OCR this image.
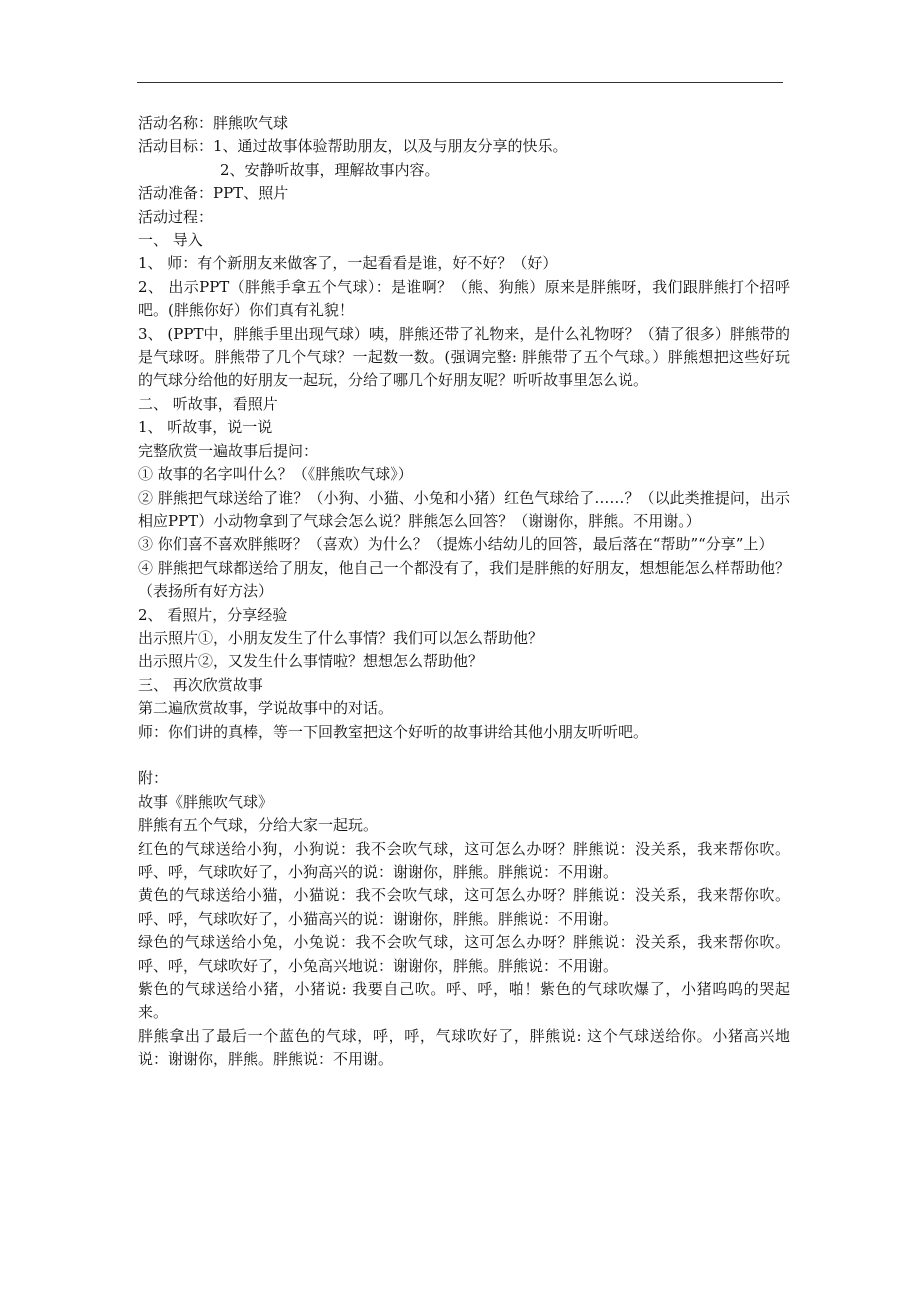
活动名称：胖熊吹气球
活动目标：1、通过故事体验帮助朋友，以及与朋友分享的快乐。
2、安静听故事，理解故事内容。
活动准备：PPT、照片
活动过程：
一、 导入
1、 师：有个新朋友来做客了，一起看看是谁，好不好？（好）
2、 出示PPT（胖熊手拿五个气球）：是谁啊？（熊、狗熊）原来是胖熊呀，我们跟胖熊打个招呼吧。(胖熊你好）你们真有礼貌！
3、 (PPT中，胖熊手里出现气球）咦，胖熊还带了礼物来，是什么礼物呀？（猜了很多）胖熊带的是气球呀。胖熊带了几个气球？一起数一数。(强调完整: 胖熊带了五个气球。）胖熊想把这些好玩的气球分给他的好朋友一起玩，分给了哪几个好朋友呢？听听故事里怎么说。
二、 听故事，看照片
1、 听故事，说一说
完整欣赏一遍故事后提问：
① 故事的名字叫什么？（《胖熊吹气球》）
② 胖熊把气球送给了谁？（小狗、小猫、小兔和小猪）红色气球给了……？（以此类推提问，出示相应PPT）小动物拿到了气球会怎么说？胖熊怎么回答？（谢谢你，胖熊。不用谢。）
③ 你们喜不喜欢胖熊呀？（喜欢）为什么？（提炼小结幼儿的回答，最后落在“帮助”“分享”上）
④ 胖熊把气球都送给了朋友，他自己一个都没有了，我们是胖熊的好朋友，想想能怎么样帮助他？（表扬所有好方法）
2、 看照片，分享经验
出示照片①，小朋友发生了什么事情？我们可以怎么帮助他？
出示照片②，又发生什么事情啦？想想怎么帮助他？
三、 再次欣赏故事
第二遍欣赏故事，学说故事中的对话。
师：你们讲的真棒，等一下回教室把这个好听的故事讲给其他小朋友听听吧。
附：
故事《胖熊吹气球》
胖熊有五个气球，分给大家一起玩。
红色的气球送给小狗，小狗说：我不会吹气球，这可怎么办呀？胖熊说：没关系，我来帮你吹。呼、呼，气球吹好了，小狗高兴的说：谢谢你，胖熊。胖熊说：不用谢。
黄色的气球送给小猫，小猫说：我不会吹气球，这可怎么办呀？胖熊说：没关系，我来帮你吹。呼、呼，气球吹好了，小猫高兴的说：谢谢你，胖熊。胖熊说：不用谢。
绿色的气球送给小兔，小兔说：我不会吹气球，这可怎么办呀？胖熊说：没关系，我来帮你吹。呼、呼，气球吹好了，小兔高兴地说：谢谢你，胖熊。胖熊说：不用谢。
紫色的气球送给小猪，小猪说: 我要自己吹。呼、呼，啪！紫色的气球吹爆了，小猪呜呜的哭起来。
胖熊拿出了最后一个蓝色的气球，呼，呼，气球吹好了，胖熊说: 这个气球送给你。小猪高兴地说：谢谢你，胖熊。胖熊说：不用谢。
